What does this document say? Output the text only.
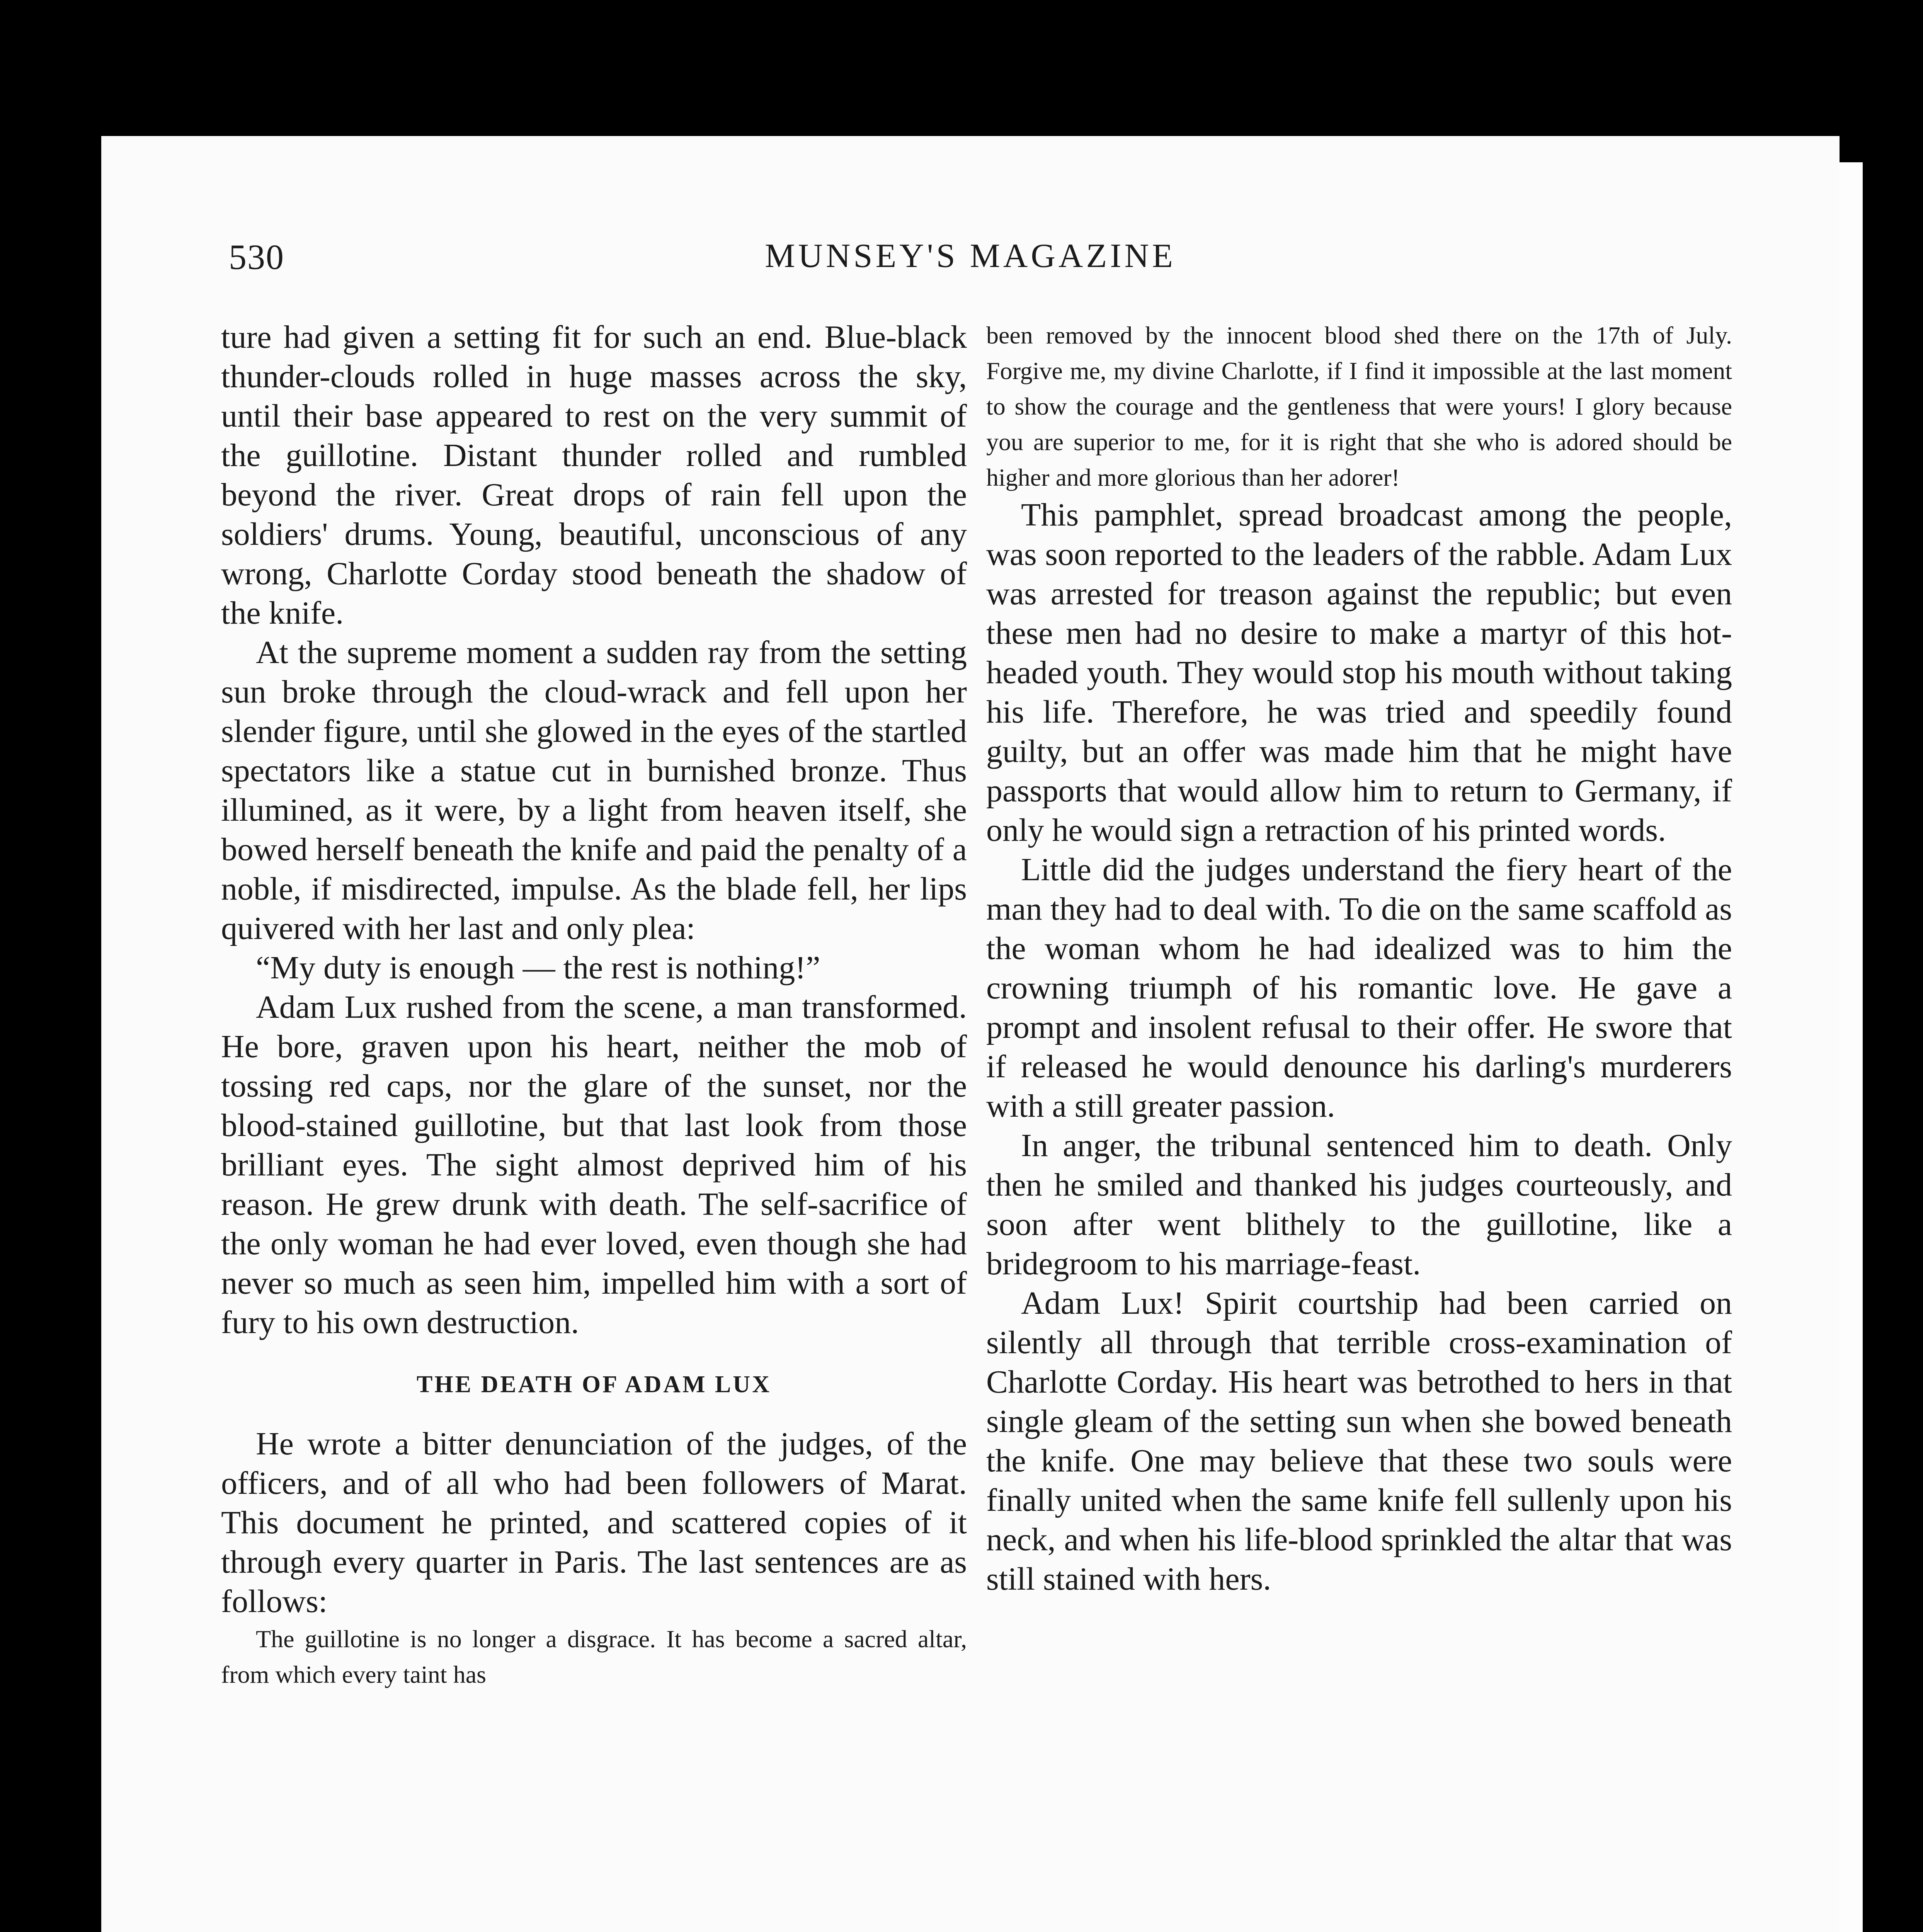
530	MUNSEY'S MAGAZINE

ture had given a setting fit for such an end. Blue-black thunder-clouds rolled in huge masses across the sky, until their base appeared to rest on the very summit of the guillotine. Distant thunder rolled and rumbled beyond the river. Great drops of rain fell upon the soldiers' drums. Young, beautiful, unconscious of any wrong, Charlotte Corday stood beneath the shadow of the knife.

At the supreme moment a sudden ray from the setting sun broke through the cloud-wrack and fell upon her slender figure, until she glowed in the eyes of the startled spectators like a statue cut in burnished bronze. Thus illumined, as it were, by a light from heaven itself, she bowed herself beneath the knife and paid the penalty of a noble, if misdirected, impulse. As the blade fell, her lips quivered with her last and only plea:

“My duty is enough — the rest is nothing!”

Adam Lux rushed from the scene, a man transformed. He bore, graven upon his heart, neither the mob of tossing red caps, nor the glare of the sunset, nor the blood-stained guillotine, but that last look from those brilliant eyes. The sight almost deprived him of his reason. He grew drunk with death. The self-sacrifice of the only woman he had ever loved, even though she had never so much as seen him, impelled him with a sort of fury to his own destruction.

THE DEATH OF ADAM LUX

He wrote a bitter denunciation of the judges, of the officers, and of all who had been followers of Marat. This document he printed, and scattered copies of it through every quarter in Paris. The last sentences are as follows:

The guillotine is no longer a disgrace. It has become a sacred altar, from which every taint has

been removed by the innocent blood shed there on the 17th of July. Forgive me, my divine Charlotte, if I find it impossible at the last moment to show the courage and the gentleness that were yours! I glory because you are superior to me, for it is right that she who is adored should be higher and more glorious than her adorer!

This pamphlet, spread broadcast among the people, was soon reported to the leaders of the rabble. Adam Lux was arrested for treason against the republic; but even these men had no desire to make a martyr of this hot-headed youth. They would stop his mouth without taking his life. Therefore, he was tried and speedily found guilty, but an offer was made him that he might have passports that would allow him to return to Germany, if only he would sign a retraction of his printed words.

Little did the judges understand the fiery heart of the man they had to deal with. To die on the same scaffold as the woman whom he had idealized was to him the crowning triumph of his romantic love. He gave a prompt and insolent refusal to their offer. He swore that if released he would denounce his darling's murderers with a still greater passion.

In anger, the tribunal sentenced him to death. Only then he smiled and thanked his judges courteously, and soon after went blithely to the guillotine, like a bridegroom to his marriage-feast.

Adam Lux! Spirit courtship had been carried on silently all through that terrible cross-examination of Charlotte Corday. His heart was betrothed to hers in that single gleam of the setting sun when she bowed beneath the knife. One may believe that these two souls were finally united when the same knife fell sullenly upon his neck, and when his life-blood sprinkled the altar that was still stained with hers.
